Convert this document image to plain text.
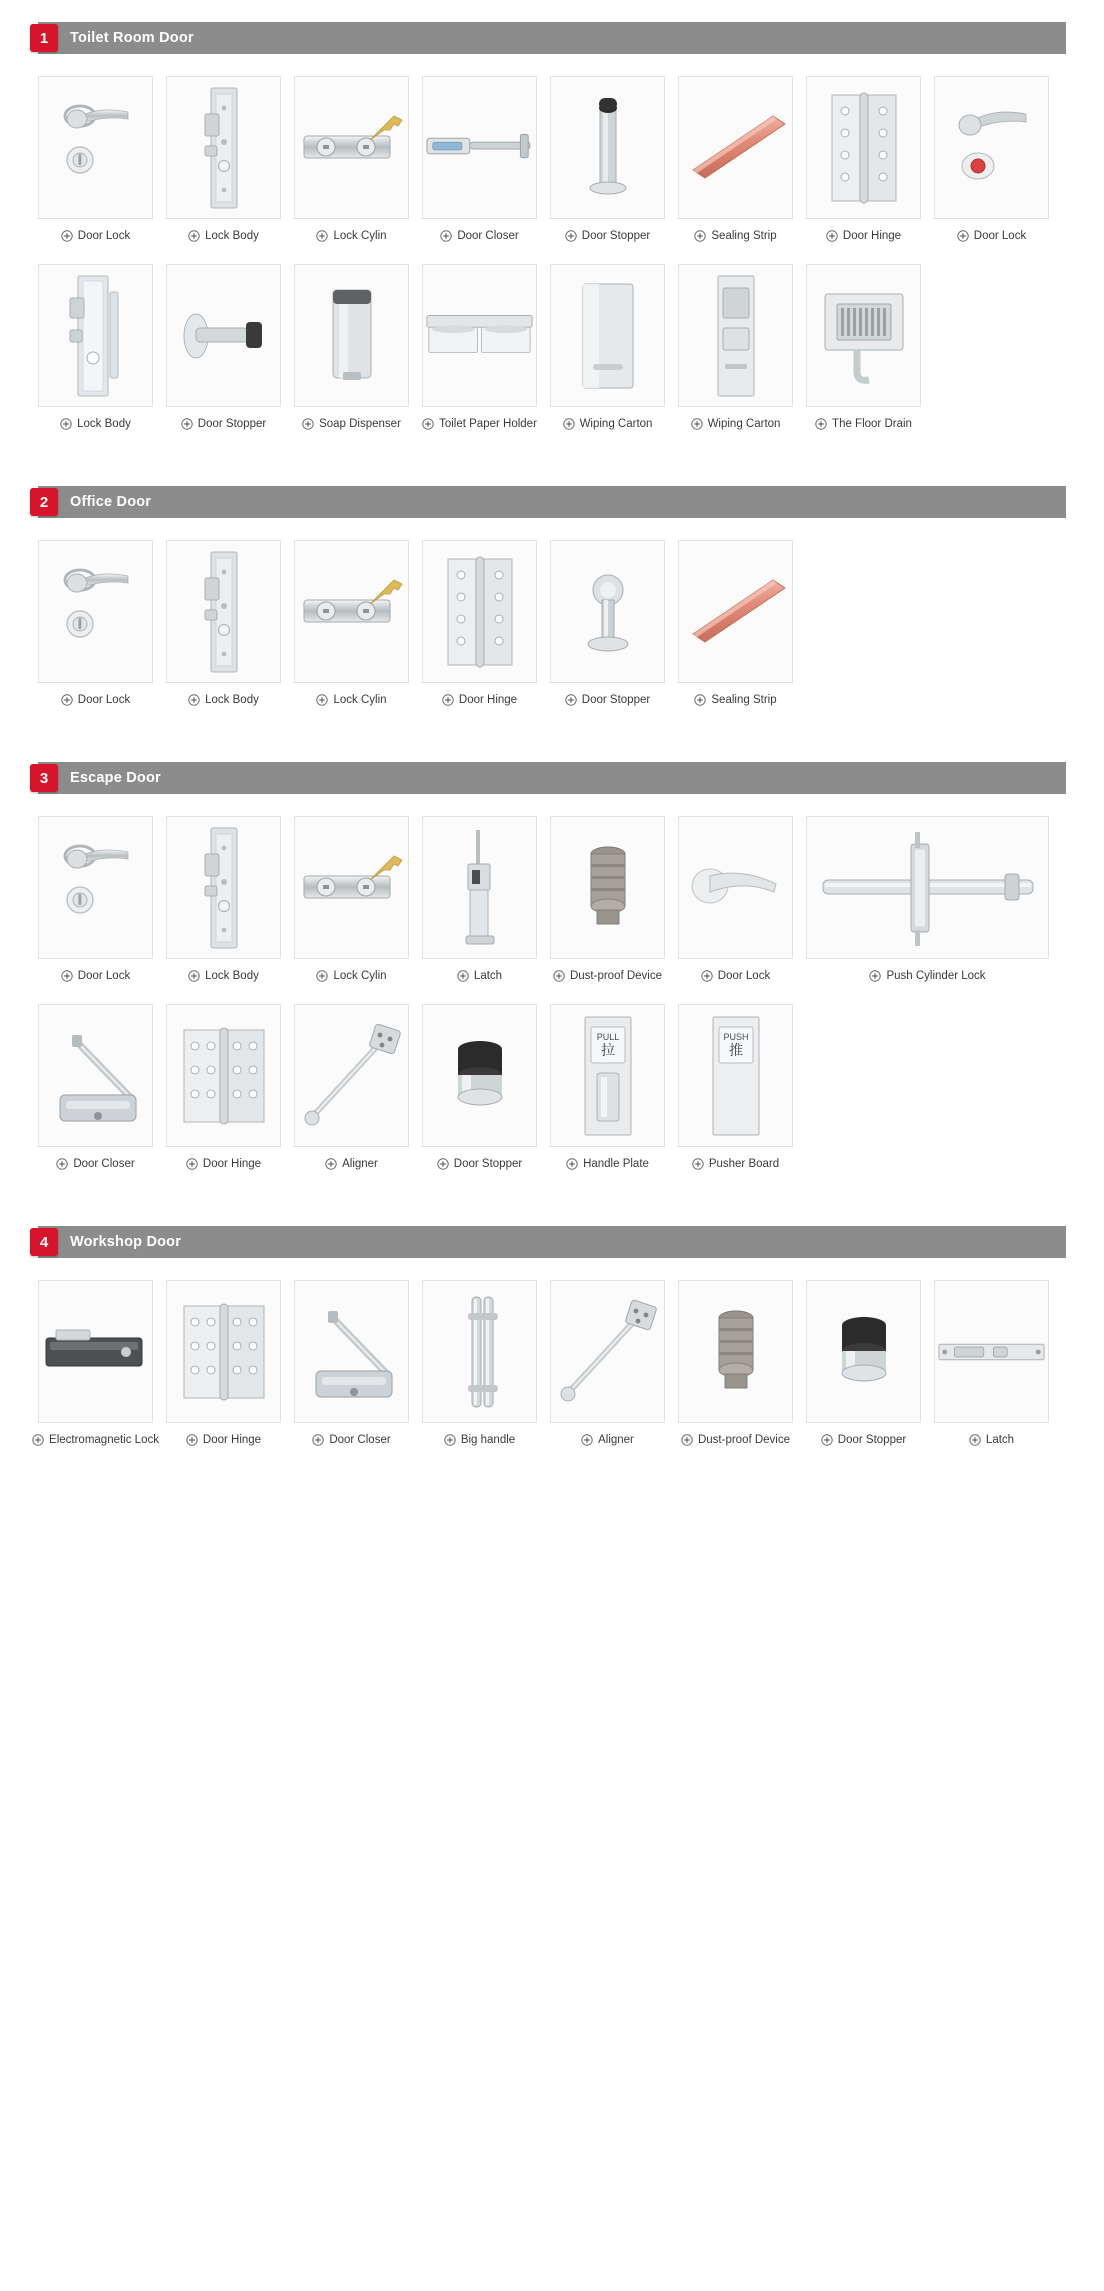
1	Toilet Room Door
Door Lock	Lock Body	Lock Cylin	Door Closer	Door Stopper	Sealing Strip	Door Hinge	Door Lock
Lock Body	Door Stopper	Soap Dispenser	Toilet Paper Holder	Wiping Carton	Wiping Carton	The Floor Drain
2	Office Door
Door Lock	Lock Body	Lock Cylin	Door Hinge	Door Stopper	Sealing Strip
3	Escape Door
Door Lock	Lock Body	Lock Cylin	Latch	Dust-proof Device	Door Lock	Push Cylinder Lock
Door Closer	Door Hinge	Aligner	Door Stopper
PULL
拉
Handle Plate
PUSH
推
Pusher Board
4	Workshop Door
Electromagnetic Lock	Door Hinge	Door Closer	Big handle	Aligner	Dust-proof Device	Door Stopper	Latch
